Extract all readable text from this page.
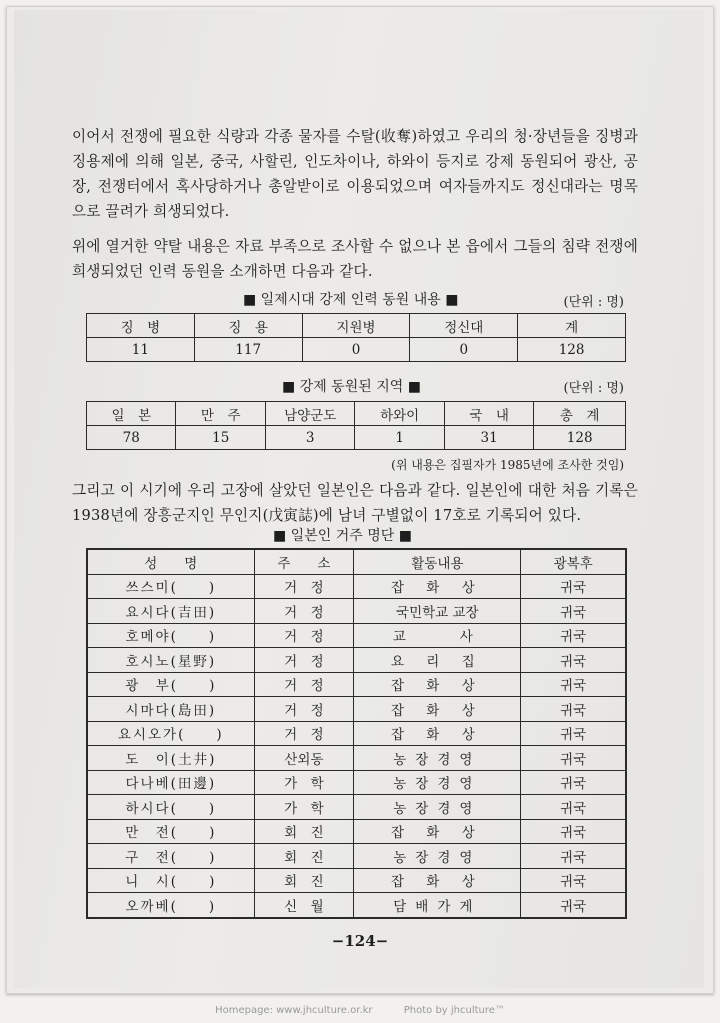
이어서 전쟁에 필요한 식량과 각종 물자를 수탈(收奪)하였고 우리의 청·장년들을 징병과 징용제에 의해 일본, 중국, 사할린, 인도차이나, 하와이 등지로 강제 동원되어 광산, 공장, 전쟁터에서 혹사당하거나 총알받이로 이용되었으며 여자들까지도 정신대라는 명목으로 끌려가 희생되었다.

위에 열거한 약탈 내용은 자료 부족으로 조사할 수 없으나 본 읍에서 그들의 침략 전쟁에 희생되었던 인력 동원을 소개하면 다음과 같다.

■ 일제시대 강제 인력 동원 내용 ■	(단위 : 명)
징　병	징　용	지원병	정신대	계
11	117	0	0	128
■ 강제 동원된 지역 ■	(단위 : 명)
일　본	만　주	남양군도	하와이	국　내	총　계
78	15	3	1	31	128
(위 내용은 집필자가 1985년에 조사한 것임)

그리고 이 시기에 우리 고장에 살았던 일본인은 다음과 같다. 일본인에 대한 처음 기록은 1938년에 장흥군지인 무인지(戊寅誌)에 남녀 구별없이 17호로 기록되어 있다.

■ 일본인 거주 명단 ■
성　　명	주　　소	활동내용	광복후
쓰스미(　　)	거　정	잡 화 상	귀국
요시다(吉田)	거　정	국민학교 교장	귀국
호메야(　　)	거　정	교　　사	귀국
호시노(星野)	거　정	요 리 집	귀국
광　부(　　)	거　정	잡 화 상	귀국
시마다(島田)	거　정	잡 화 상	귀국
요시오가(　　)	거　정	잡 화 상	귀국
도　이(土井)	산외동	농장경영	귀국
다나베(田邊)	가　학	농장경영	귀국
하시다(　　)	가　학	농장경영	귀국
만　전(　　)	회　진	잡 화 상	귀국
구　전(　　)	회　진	농장경영	귀국
니　시(　　)	회　진	잡 화 상	귀국
오까베(　　)	신　월	담배가게	귀국
−124−
Homepage: www.jhculture.or.kr	Photo by jhculture™
